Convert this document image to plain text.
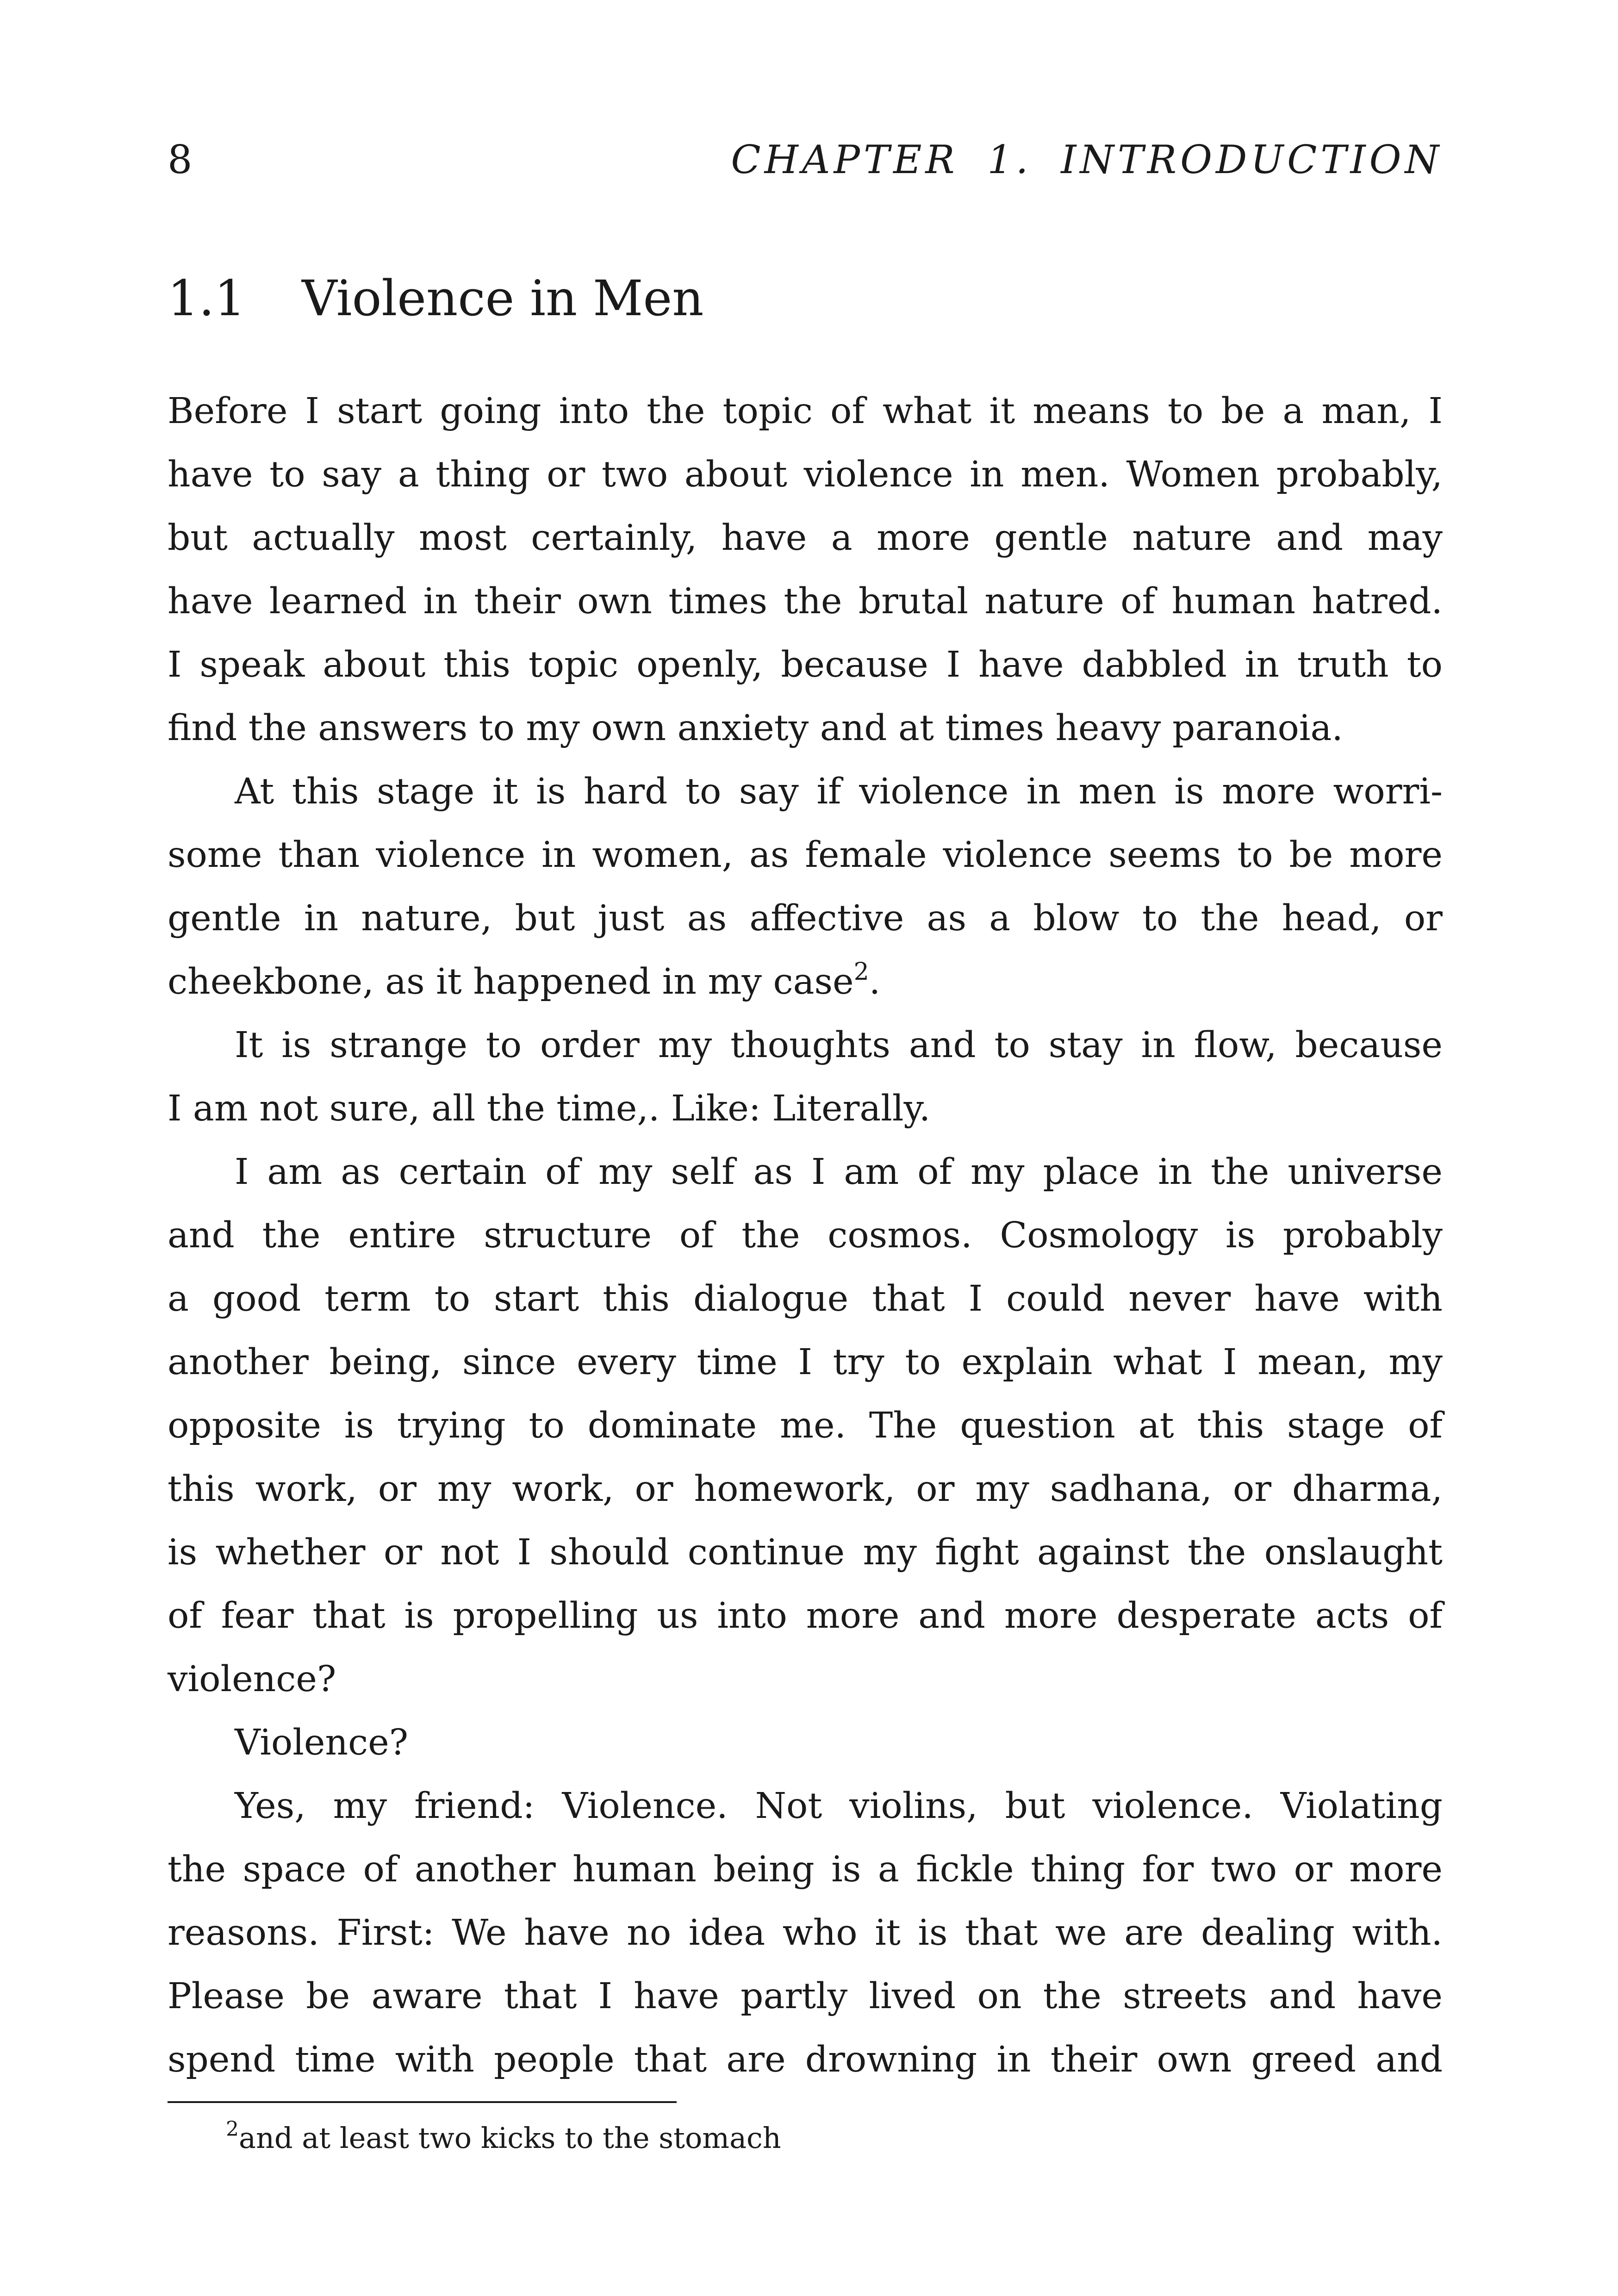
8	CHAPTER 1. INTRODUCTION
1.1 Violence in Men
Before I start going into the topic of what it means to be a man, I
have to say a thing or two about violence in men. Women probably,
but actually most certainly, have a more gentle nature and may
have learned in their own times the brutal nature of human hatred.
I speak about this topic openly, because I have dabbled in truth to
find the answers to my own anxiety and at times heavy paranoia.
At this stage it is hard to say if violence in men is more worri-
some than violence in women, as female violence seems to be more
gentle in nature, but just as affective as a blow to the head, or
cheekbone, as it happened in my case$^2$.
It is strange to order my thoughts and to stay in flow, because
I am not sure, all the time,. Like: Literally.
I am as certain of my self as I am of my place in the universe
and the entire structure of the cosmos. Cosmology is probably
a good term to start this dialogue that I could never have with
another being, since every time I try to explain what I mean, my
opposite is trying to dominate me. The question at this stage of
this work, or my work, or homework, or my sadhana, or dharma,
is whether or not I should continue my fight against the onslaught
of fear that is propelling us into more and more desperate acts of
violence?
Violence?
Yes, my friend: Violence. Not violins, but violence. Violating
the space of another human being is a fickle thing for two or more
reasons. First: We have no idea who it is that we are dealing with.
Please be aware that I have partly lived on the streets and have
spend time with people that are drowning in their own greed and
$^2$and at least two kicks to the stomach
